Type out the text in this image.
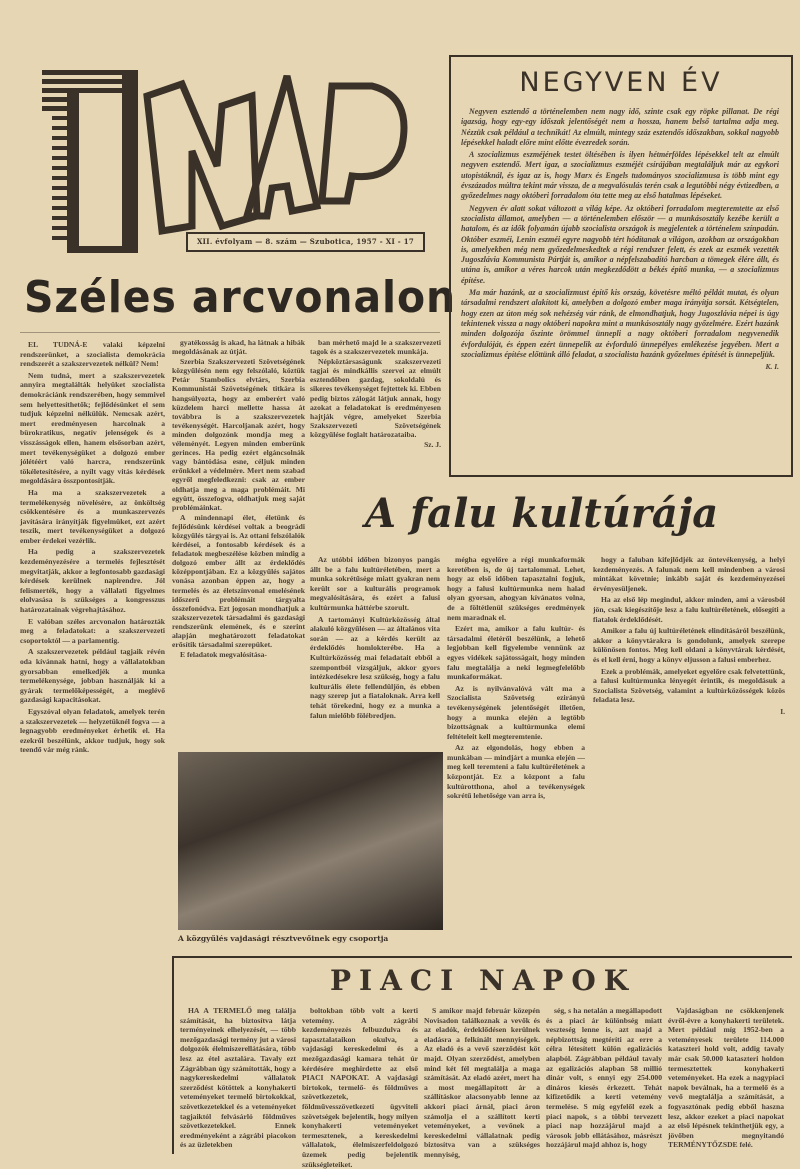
XII. évfolyam — 8. szám — Szubotica, 1957 - XI - 17
Széles arcvonalon

EL TUDNÁ-E valaki képzelni rendszerünket, a szocialista demokrácia rendszerét a szakszervezetek nélkül? Nem!

Nem tudná, mert a szakszervezetek annyira megtalálták helyüket szocialista demokráciánk rendszerében, hogy semmivel sem helyettesíthetők; fejlődésünket el sem tudjuk képzelni nélkülük. Nemcsak azért, mert eredményesen harcolnak a bürokratikus, negatív jelenségek és a visszásságok ellen, hanem elsősorban azért, mert tevékenységüket a dolgozó ember jólétéért való harcra, rendszerünk tökéletesítésére, a nyílt vagy vitás kérdések megoldására összpontosítják.

Ha ma a szakszervezetek a termelékenység növelésére, az önköltség csökkentésére és a munkaszervezés javítására irányítják figyelmüket, ezt azért teszik, mert tevékenységüket a dolgozó ember érdekei vezérlik.

Ha pedig a szakszervezetek kezdeményezésére a termelés fejlesztését megvitatják, akkor a legfontosabb gazdasági kérdések kerülnek napirendre. Jól felismerték, hogy a vállalati figyelmes elolvasása is szükséges a kongresszus határozatainak végrehajtásához.

E valóban széles arcvonalon határozták meg a feladatokat: a szakszervezeti csoportoktól — a parlamentig.

A szakszervezetek például tagjaik révén oda kívánnak hatni, hogy a vállalatokban gyorsabban emelkedjék a munka termelékenysége, jobban használják ki a gyárak termelőképességét, a meglévő gazdasági kapacitásokat.

Egyszóval olyan feladatok, amelyek terén a szakszervezetek — helyzetüknél fogva — a legnagyobb eredményeket érhetik el. Ha ezekről beszélünk, akkor tudjuk, hogy sok teendő vár még ránk.

gyatékosság is akad, ha látnak a hibák megoldásának az útját.

Szerbia Szakszervezeti Szövetségének közgyűlésén nem egy felszólaló, köztük Petár Stambolics elvtárs, Szerbia Kommunistái Szövetségének titkára is hangsúlyozta, hogy az emberért való küzdelem harci mellette hassa át továbbra is a szakszervezetek tevékenységét. Harcoljanak azért, hogy minden dolgozónk mondja meg a véleményét. Legyen minden emberünk gerinces. Ha pedig ezért elgáncsolnák vagy bántódása esne, céljuk minden erőnkkel a védelmére. Mert nem szabad egyről megfeledkezni: csak az ember oldhatja meg a maga problémáit. Mi együtt, összefogva, oldhatjuk meg saját problémáinkat.

A mindennapi élet, életünk és fejlődésünk kérdései voltak a beográdi közgyűlés tárgyai is. Az ottani felszólalók kérdései, a fontosabb kérdések és a feladatok megbeszélése közben mindig a dolgozó ember állt az érdeklődés középpontjában. Ez a közgyűlés sajátos vonása azonban éppen az, hogy a termelés és az életszínvonal emelésének időszerű problémáit tárgyalta összefonódva. Ezt jogosan mondhatjuk a szakszervezetek társadalmi és gazdasági rendszerünk elemének, és e szerint alapján meghatározott feladatokat erősítik társadalmi szerepüket.

E feladatok megvalósítása-

ban mérhető majd le a szakszervezeti tagok és a szakszervezetek munkája.

Népköztársaságunk szakszervezeti tagjai és mindkállis szervei az elmúlt esztendőben gazdag, sokoldalú és sikeres tevékenységet fejtettek ki. Ebben pedig biztos zálogát látjuk annak, hogy azokat a feladatokat is eredményesen hajtják végre, amelyeket Szerbia Szakszervezeti Szövetségének közgyűlése foglalt határozataiba.

Sz. J.
NEGYVEN ÉV

Negyven esztendő a történelemben nem nagy idő, szinte csak egy röpke pillanat. De régi igazság, hogy egy-egy időszak jelentőségét nem a hossza, hanem belső tartalma adja meg. Nézzük csak például a technikát! Az elmúlt, mintegy száz esztendős időszakban, sokkal nagyobb lépésekkel haladt előre mint előtte évezredek során.

A szocializmus eszméjének testet öltésében is ilyen hétmérföldes lépésekkel telt az elmúlt negyven esztendő. Mert igaz, a szocializmus eszméjét csírájában megtaláljuk már az egykori utopistáknál, és igaz az is, hogy Marx és Engels tudományos szocializmusa is több mint egy évszázados múltra tekint már vissza, de a megvalósulás terén csak a legutóbbi négy évtizedben, a győzedelmes nagy októberi forradalom óta tette meg az első hatalmas lépéseket.

Negyven év alatt sokat változott a világ képe. Az októberi forradalom megteremtette az első szocialista államot, amelyben — a történelemben először — a munkásosztály kezébe került a hatalom, és az idők folyamán újabb szocialista országok is megjelentek a történelem színpadán. Október eszméi, Lenin eszméi egyre nagyobb tért hódítanak a világon, azokban az országokban is, amelyekben még nem győzedelmeskedtek a régi rendszer felett, és ezek az eszmék vezették Jugoszlávia Kommunista Pártját is, amikor a népfelszabadító harcban a tömegek élére állt, és utána is, amikor a véres harcok után megkezdődött a békés építő munka, — a szocializmus építése.

Ma már hazánk, az a szocializmust építő kis ország, követésre méltó példát mutat, és olyan társadalmi rendszert alakított ki, amelyben a dolgozó ember maga irányítja sorsát. Kétségtelen, hogy ezen az úton még sok nehézség vár ránk, de elmondhatjuk, hogy Jugoszlávia népei is úgy tekintenek vissza a nagy októberi napokra mint a munkásosztály nagy győzelmére. Ezért hazánk minden dolgozója őszinte örömmel ünnepli a nagy októberi forradalom negyvenedik évfordulóját, és éppen ezért ünnepelik az évforduló ünnepélyes emlékezése jegyében. Mert a szocializmus építése előttünk álló feladat, a szocialista hazánk győzelmes építését is ünnepeljük.

K. I.
A falu kultúrája

Az utóbbi időben bizonyos pangás állt be a falu kultúréletében, mert a munka sokrétűsége miatt gyakran nem került sor a kulturális programok megvalósítására, és ezért a falusi kultúrmunka háttérbe szorult.

A tartományi Kultúrközösség által alakuló közgyűlésen — az általános vita során — az a kérdés került az érdeklődés homlokterébe. Ha a Kultúrközösség mai feladatait ebből a szempontból vizsgáljuk, akkor gyors intézkedésekre lesz szükség, hogy a falu kulturális élete fellendüljön, és ebben nagy szerep jut a fiataloknak. Arra kell tehát törekedni, hogy ez a munka a falun mielőbb fölébredjen.

mégha egyelőre a régi munkaformák keretében is, de új tartalommal. Lehet, hogy az első időben tapasztalni fogjuk, hogy a falusi kultúrmunka nem halad olyan gyorsan, ahogyan kívánatos volna, de a föltétlenül szükséges eredmények nem maradnak el.

Ezért ma, amikor a falu kultúr- és társadalmi életéről beszélünk, a lehető legjobban kell figyelembe vennünk az egyes vidékek sajátosságait, hogy minden falu megtalálja a neki legmegfelelőbb munkaformákat.

Az is nyilvánvalóvá vált ma a Szocialista Szövetség ezirányú tevékenységének jelentőségét illetően, hogy a munka elején a legtöbb bizottságnak a kultúrmunka elemi feltételeit kell megteremtenie.

Az az elgondolás, hogy ebben a munkában — mindjárt a munka elején — meg kell teremteni a falu kultúréletének a központját. Ez a központ a falu kultúrotthona, ahol a tevékenységek sokrétű lehetősége van arra is,

hogy a faluban kifejlődjék az öntevékenység, a helyi kezdeményezés. A falunak nem kell mindenben a városi mintákat követnie; inkább saját és kezdeményezései érvényesüljenek.

Ha az első lép megindul, akkor minden, ami a városból jön, csak kiegészítője lesz a falu kultúréletének, elősegíti a fiatalok érdeklődését.

Amikor a falu új kultúréletének elindításáról beszélünk, akkor a könyvtárakra is gondolunk, amelyek szerepe különösen fontos. Meg kell oldani a könyvtárak kérdését, és el kell érni, hogy a könyv eljusson a falusi emberhez.

Ezek a problémák, amelyeket egyelőre csak felvetettünk, a falusi kultúrmunka lényegét érintik, és megoldásuk a Szocialista Szövetség, valamint a kultúrközösségek közös feladata lesz.

I.
A közgyűlés vajdasági résztvevőinek egy csoportja
PIACI NAPOK

HA A TERMELŐ meg találja számítását, ha biztosítva látja terményeinek elhelyezését, — több mezőgazdasági termény jut a városi dolgozók élelmiszerellátására, több lesz az étel asztalára. Tavaly ezt Zágrábban úgy számították, hogy a nagykereskedelmi vállalatok szerződést kötöttek a konyhakerti veteményeket termelő birtokokkal, szövetkezetekkel és a veteményeket tagjaiktól felvásárló földműves szövetkezetekkel. Ennek eredményeként a zágrábi piacokon és az üzletekben

boltokban több volt a kerti vetemény. A zágrábi kezdeményezés felbuzdulva és tapasztalataikon okulva, a vajdasági kereskedelmi és a mezőgazdasági kamara tehát úr kérdésére meghirdette az első PIACI NAPOKAT. A vajdasági birtokok, termelő- és földműves szövetkezetek, földművesszövetkezeti ügyviteli szövetségek bejelentik, hogy milyen konyhakerti veteményeket termesztenek, a kereskedelmi vállalatok, élelmiszerfeldolgozó üzemek pedig bejelentik szükségleteiket.

S amikor majd február közepén Novisadon találkoznak a vevők és az eladók, érdeklődésen kerülnek eladásra a felkínált mennyiségek. Az eladó és a vevő szerződést köt majd. Olyan szerződést, amelyben mind két fél megtalálja a maga számítását. Az eladó azért, mert ha a most megállapított ár a szállításkor alacsonyabb lenne az akkori piaci árnál, piaci áron számolja el a szállított kerti veteményeket, a vevőnek a kereskedelmi vállalatnak pedig biztosítva van a szükséges mennyiség,

ség, s ha netalán a megállapodott és a piaci ár különbség miatt veszteség lenne is, azt majd a népbizottság megtéríti az erre a célra létesített külön egalizációs alapból. Zágrábban például tavaly az egalizációs alapban 58 millió dinár volt, s ennyi egy 254.000 dináros kiesés érkezett. Tehát kifizetődik a kerti vetemény termelése. S míg egyfelől ezek a piaci napok, s a többi tervezett piaci nap hozzájárul majd a városok jobb ellátásához, másrészt hozzájárul majd ahhoz is, hogy

Vajdaságban ne csökkenjenek évről-évre a konyhakerti területek. Mert például míg 1952-ben a veteményesek területe 114.000 kataszteri hold volt, addig tavaly már csak 50.000 kataszteri holdon termesztettek konyhakerti veteményeket. Ha ezek a nagypiaci napok beválnak, ha a termelő és a vevő megtalálja a számítását, a fogyasztónak pedig ebből haszna lesz, akkor ezeket a piaci napokat az első lépésnek tekinthetjük egy, a jövőben megnyitandó TERMÉNYTŐZSDE felé.
